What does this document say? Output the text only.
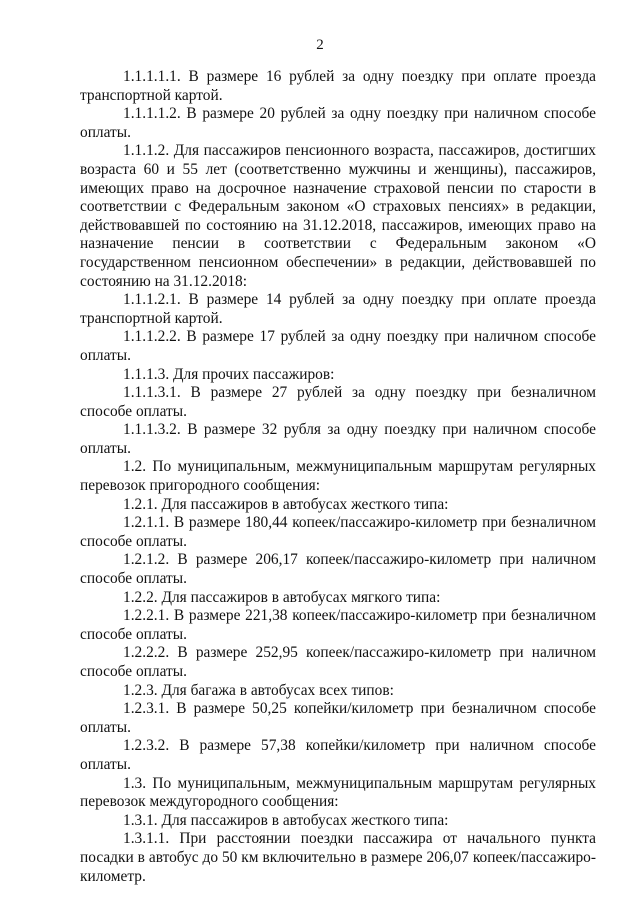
2

1.1.1.1.1. В размере 16 рублей за одну поездку при оплате проезда транспортной картой.

1.1.1.1.2. В размере 20 рублей за одну поездку при наличном способе оплаты.

1.1.1.2. Для пассажиров пенсионного возраста, пассажиров, достигших возраста 60 и 55 лет (соответственно мужчины и женщины), пассажиров, имеющих право на досрочное назначение страховой пенсии по старости в соответствии с Федеральным законом «О страховых пенсиях» в редакции, действовавшей по состоянию на 31.12.2018, пассажиров, имеющих право на назначение пенсии в соответствии с Федеральным законом «О государственном пенсионном обеспечении» в редакции, действовавшей по состоянию на 31.12.2018:

1.1.1.2.1. В размере 14 рублей за одну поездку при оплате проезда транспортной картой.

1.1.1.2.2. В размере 17 рублей за одну поездку при наличном способе оплаты.

1.1.1.3. Для прочих пассажиров:

1.1.1.3.1. В размере 27 рублей за одну поездку при безналичном способе оплаты.

1.1.1.3.2. В размере 32 рубля за одну поездку при наличном способе оплаты.

1.2. По муниципальным, межмуниципальным маршрутам регулярных перевозок пригородного сообщения:

1.2.1. Для пассажиров в автобусах жесткого типа:

1.2.1.1. В размере 180,44 копеек/пассажиро-километр при безналичном способе оплаты.

1.2.1.2. В размере 206,17 копеек/пассажиро-километр при наличном способе оплаты.

1.2.2. Для пассажиров в автобусах мягкого типа:

1.2.2.1. В размере 221,38 копеек/пассажиро-километр при безналичном способе оплаты.

1.2.2.2. В размере 252,95 копеек/пассажиро-километр при наличном способе оплаты.

1.2.3. Для багажа в автобусах всех типов:

1.2.3.1. В размере 50,25 копейки/километр при безналичном способе оплаты.

1.2.3.2. В размере 57,38 копейки/километр при наличном способе оплаты.

1.3. По муниципальным, межмуниципальным маршрутам регулярных перевозок междугородного сообщения:

1.3.1. Для пассажиров в автобусах жесткого типа:

1.3.1.1. При расстоянии поездки пассажира от начального пункта посадки в автобус до 50 км включительно в размере 206,07 копеек/пассажиро-километр.
